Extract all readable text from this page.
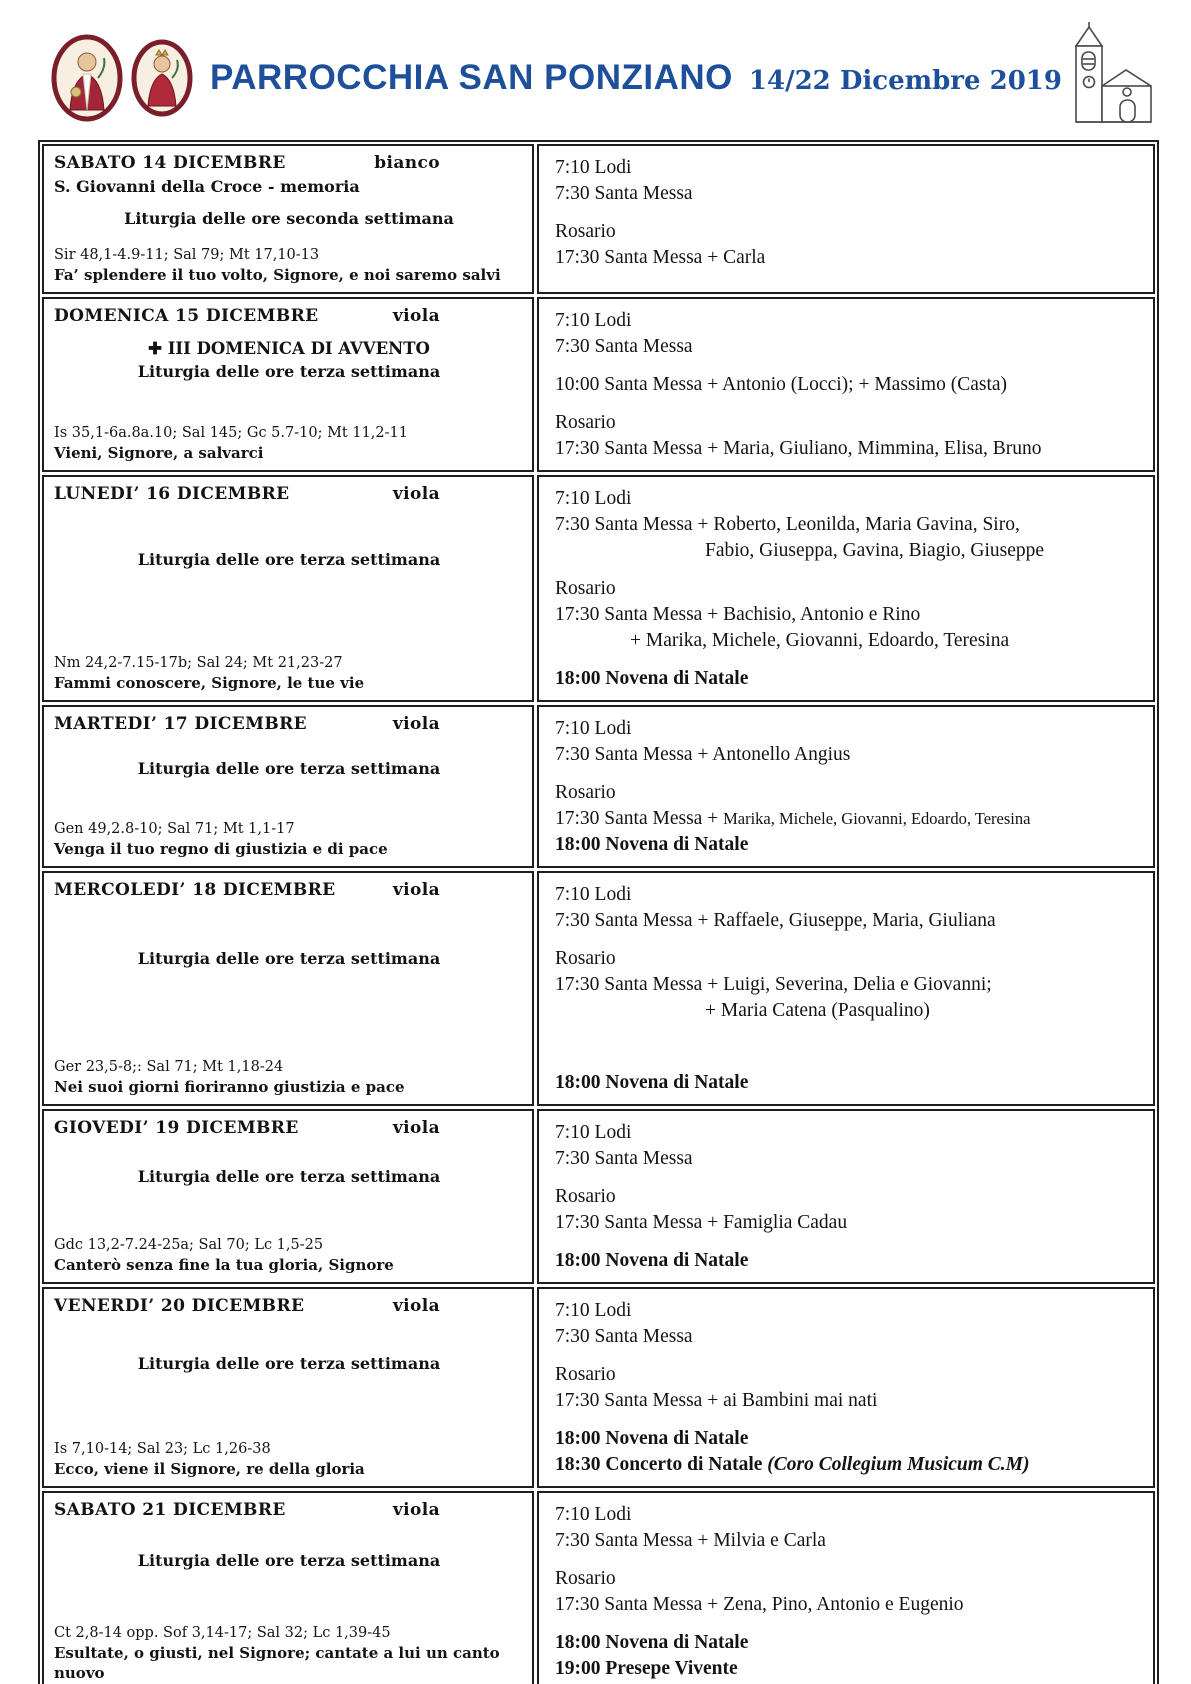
PARROCCHIA SAN PONZIANO 14/22 Dicembre 2019
SABATO 14 DICEMBRE	bianco
S. Giovanni della Croce - memoria
Liturgia delle ore seconda settimana
Sir 48,1-4.9-11; Sal 79; Mt 17,10-13
Fa’ splendere il tuo volto, Signore, e noi saremo salvi
7:10 Lodi
7:30 Santa Messa
Rosario
17:30 Santa Messa + Carla
DOMENICA 15 DICEMBRE	viola
✚ III DOMENICA DI AVVENTO
Liturgia delle ore terza settimana
Is 35,1-6a.8a.10; Sal 145; Gc 5.7-10; Mt 11,2-11
Vieni, Signore, a salvarci
7:10 Lodi
7:30 Santa Messa
10:00 Santa Messa + Antonio (Locci); + Massimo (Casta)
Rosario
17:30 Santa Messa + Maria, Giuliano, Mimmina, Elisa, Bruno
LUNEDI’ 16 DICEMBRE	viola
Liturgia delle ore terza settimana
Nm 24,2-7.15-17b; Sal 24; Mt 21,23-27
Fammi conoscere, Signore, le tue vie
7:10 Lodi
7:30 Santa Messa + Roberto, Leonilda, Maria Gavina, Siro,
Fabio, Giuseppa, Gavina, Biagio, Giuseppe
Rosario
17:30 Santa Messa + Bachisio, Antonio e Rino
+ Marika, Michele, Giovanni, Edoardo, Teresina
18:00 Novena di Natale
MARTEDI’ 17 DICEMBRE	viola
Liturgia delle ore terza settimana
Gen 49,2.8-10; Sal 71; Mt 1,1-17
Venga il tuo regno di giustizia e di pace
7:10 Lodi
7:30 Santa Messa + Antonello Angius
Rosario
17:30 Santa Messa + Marika, Michele, Giovanni, Edoardo, Teresina
18:00 Novena di Natale
MERCOLEDI’ 18 DICEMBRE	viola
Liturgia delle ore terza settimana
Ger 23,5-8;: Sal 71; Mt 1,18-24
Nei suoi giorni fioriranno giustizia e pace
7:10 Lodi
7:30 Santa Messa + Raffaele, Giuseppe, Maria, Giuliana
Rosario
17:30 Santa Messa + Luigi, Severina, Delia e Giovanni;
+ Maria Catena (Pasqualino)
18:00 Novena di Natale
GIOVEDI’ 19 DICEMBRE	viola
Liturgia delle ore terza settimana
Gdc 13,2-7.24-25a; Sal 70; Lc 1,5-25
Canterò senza fine la tua gloria, Signore
7:10 Lodi
7:30 Santa Messa
Rosario
17:30 Santa Messa + Famiglia Cadau
18:00 Novena di Natale
VENERDI’ 20 DICEMBRE	viola
Liturgia delle ore terza settimana
Is 7,10-14; Sal 23; Lc 1,26-38
Ecco, viene il Signore, re della gloria
7:10 Lodi
7:30 Santa Messa
Rosario
17:30 Santa Messa + ai Bambini mai nati
18:00 Novena di Natale
18:30 Concerto di Natale (Coro Collegium Musicum C.M)
SABATO 21 DICEMBRE	viola
Liturgia delle ore terza settimana
Ct 2,8-14 opp. Sof 3,14-17; Sal 32; Lc 1,39-45
Esultate, o giusti, nel Signore; cantate a lui un canto nuovo
7:10 Lodi
7:30 Santa Messa + Milvia e Carla
Rosario
17:30 Santa Messa + Zena, Pino, Antonio e Eugenio
18:00 Novena di Natale
19:00 Presepe Vivente
